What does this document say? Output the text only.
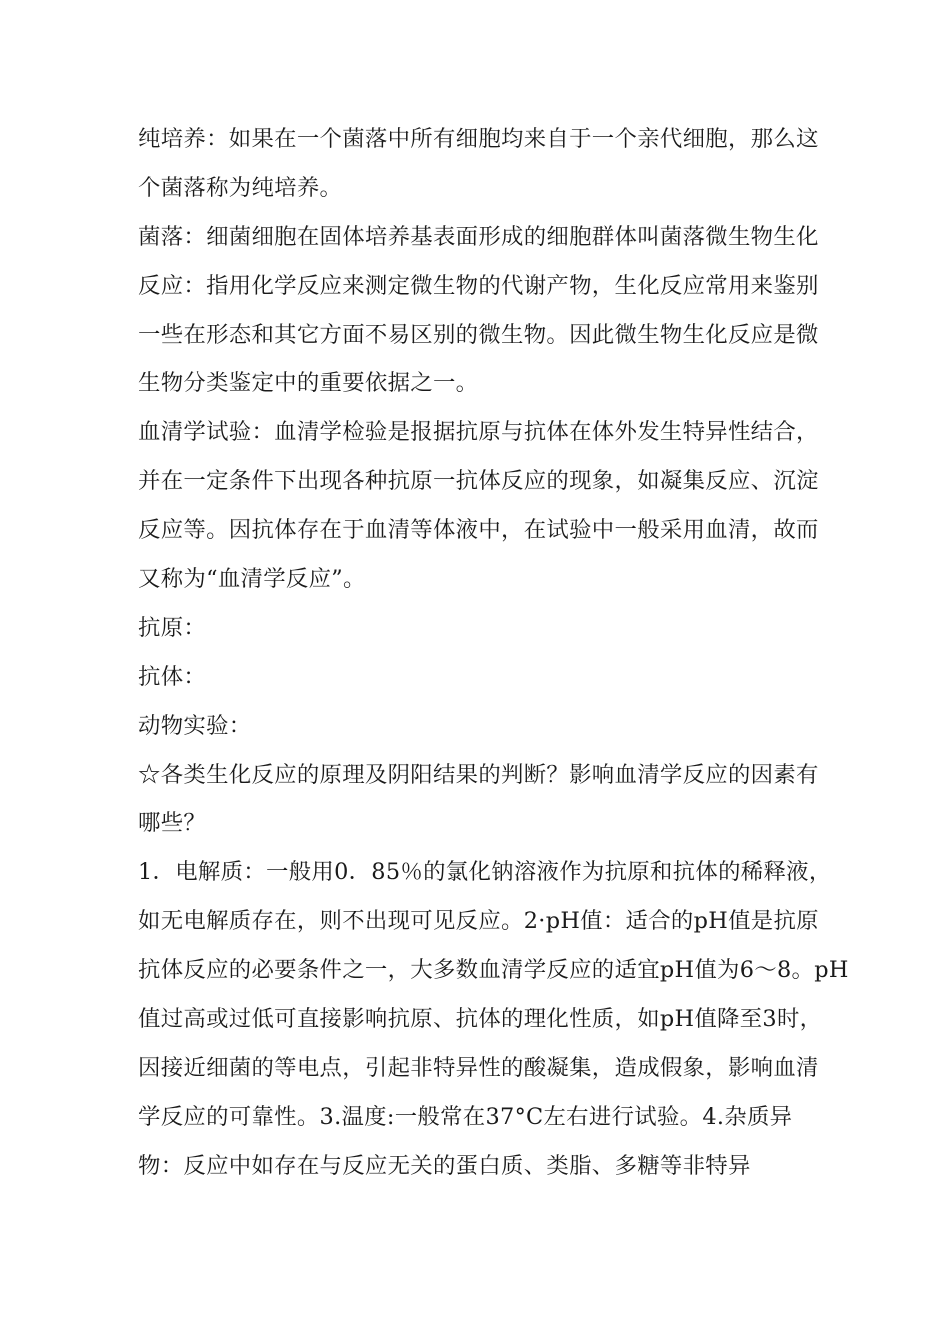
纯培养：如果在一个菌落中所有细胞均来自于一个亲代细胞，那么这
个菌落称为纯培养。
菌落：细菌细胞在固体培养基表面形成的细胞群体叫菌落微生物生化
反应：指用化学反应来测定微生物的代谢产物，生化反应常用来鉴别
一些在形态和其它方面不易区别的微生物。因此微生物生化反应是微
生物分类鉴定中的重要依据之一。
血清学试验：血清学检验是报据抗原与抗体在体外发生特异性结合，
并在一定条件下出现各种抗原一抗体反应的现象，如凝集反应、沉淀
反应等。因抗体存在于血清等体液中，在试验中一般采用血清，故而
又称为“血清学反应”。
抗原：
抗体：
动物实验：
☆各类生化反应的原理及阴阳结果的判断？影响血清学反应的因素有
哪些？
1．电解质：一般用0．85％的氯化钠溶液作为抗原和抗体的稀释液，
如无电解质存在，则不出现可见反应。2·pH值：适合的pH值是抗原
抗体反应的必要条件之一，大多数血清学反应的适宜pH值为6〜8。pH
值过高或过低可直接影响抗原、抗体的理化性质，如pH值降至3时，
因接近细菌的等电点，引起非特异性的酸凝集，造成假象，影响血清
学反应的可靠性。3.温度:一般常在37°C左右进行试验。4.杂质异
物：反应中如存在与反应无关的蛋白质、类脂、多糖等非特异
